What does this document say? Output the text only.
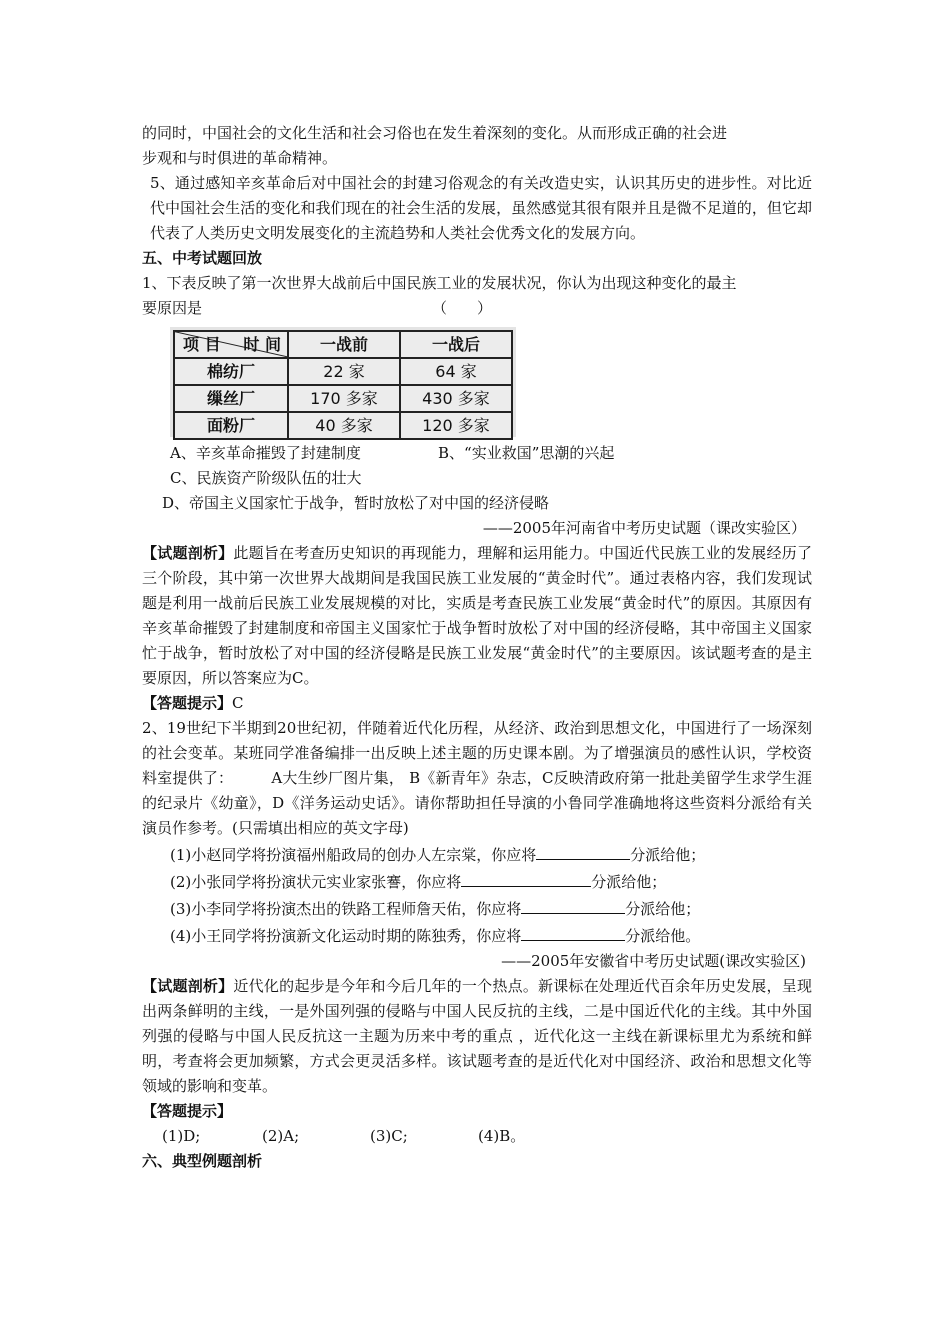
的同时，中国社会的文化生活和社会习俗也在发生着深刻的变化。从而形成正确的社会进

步观和与时俱进的革命精神。

5、通过感知辛亥革命后对中国社会的封建习俗观念的有关改造史实，认识其历史的进步性。对比近代中国社会生活的变化和我们现在的社会生活的发展，虽然感觉其很有限并且是微不足道的，但它却代表了人类历史文明发展变化的主流趋势和人类社会优秀文化的发展方向。

五、中考试题回放

1、下表反映了第一次世界大战前后中国民族工业的发展状况，你认为出现这种变化的最主

要原因是	（　　）

时 间
项 目	一战前	一战后
棉纺厂	22 家	64 家
缫丝厂	170 多家	430 多家
面粉厂	40 多家	120 多家
A、辛亥革命摧毁了封建制度	B、“实业救国”思潮的兴起

C、民族资产阶级队伍的壮大

D、帝国主义国家忙于战争，暂时放松了对中国的经济侵略

——2005年河南省中考历史试题（课改实验区）

【试题剖析】此题旨在考查历史知识的再现能力，理解和运用能力。中国近代民族工业的发展经历了三个阶段，其中第一次世界大战期间是我国民族工业发展的“黄金时代”。通过表格内容，我们发现试题是利用一战前后民族工业发展规模的对比，实质是考查民族工业发展“黄金时代”的原因。其原因有辛亥革命摧毁了封建制度和帝国主义国家忙于战争暂时放松了对中国的经济侵略，其中帝国主义国家忙于战争，暂时放松了对中国的经济侵略是民族工业发展“黄金时代”的主要原因。该试题考查的是主要原因，所以答案应为C。

【答题提示】C

2、19世纪下半期到20世纪初，伴随着近代化历程，从经济、政治到思想文化，中国进行了一场深刻的社会变革。某班同学准备编排一出反映上述主题的历史课本剧。为了增强演员的感性认识，学校资料室提供了：　　　A大生纱厂图片集， B《新青年》杂志，C反映清政府第一批赴美留学生求学生涯的纪录片《幼童》，D《洋务运动史话》。请你帮助担任导演的小鲁同学准确地将这些资料分派给有关演员作参考。(只需填出相应的英文字母)

(1)小赵同学将扮演福州船政局的创办人左宗棠，你应将	分派给他；

(2)小张同学将扮演状元实业家张謇，你应将	分派给他；

(3)小李同学将扮演杰出的铁路工程师詹天佑，你应将	分派给他；

(4)小王同学将扮演新文化运动时期的陈独秀，你应将	分派给他。

——2005年安徽省中考历史试题(课改实验区)

【试题剖析】近代化的起步是今年和今后几年的一个热点。新课标在处理近代百余年历史发展，呈现出两条鲜明的主线，一是外国列强的侵略与中国人民反抗的主线，二是中国近代化的主线。其中外国列强的侵略与中国人民反抗这一主题为历来中考的重点 ，近代化这一主线在新课标里尤为系统和鲜明，考查将会更加频繁，方式会更灵活多样。该试题考查的是近代化对中国经济、政治和思想文化等领域的影响和变革。

【答题提示】

(1)D;	(2)A;	(3)C;	(4)B。

六、典型例题剖析
